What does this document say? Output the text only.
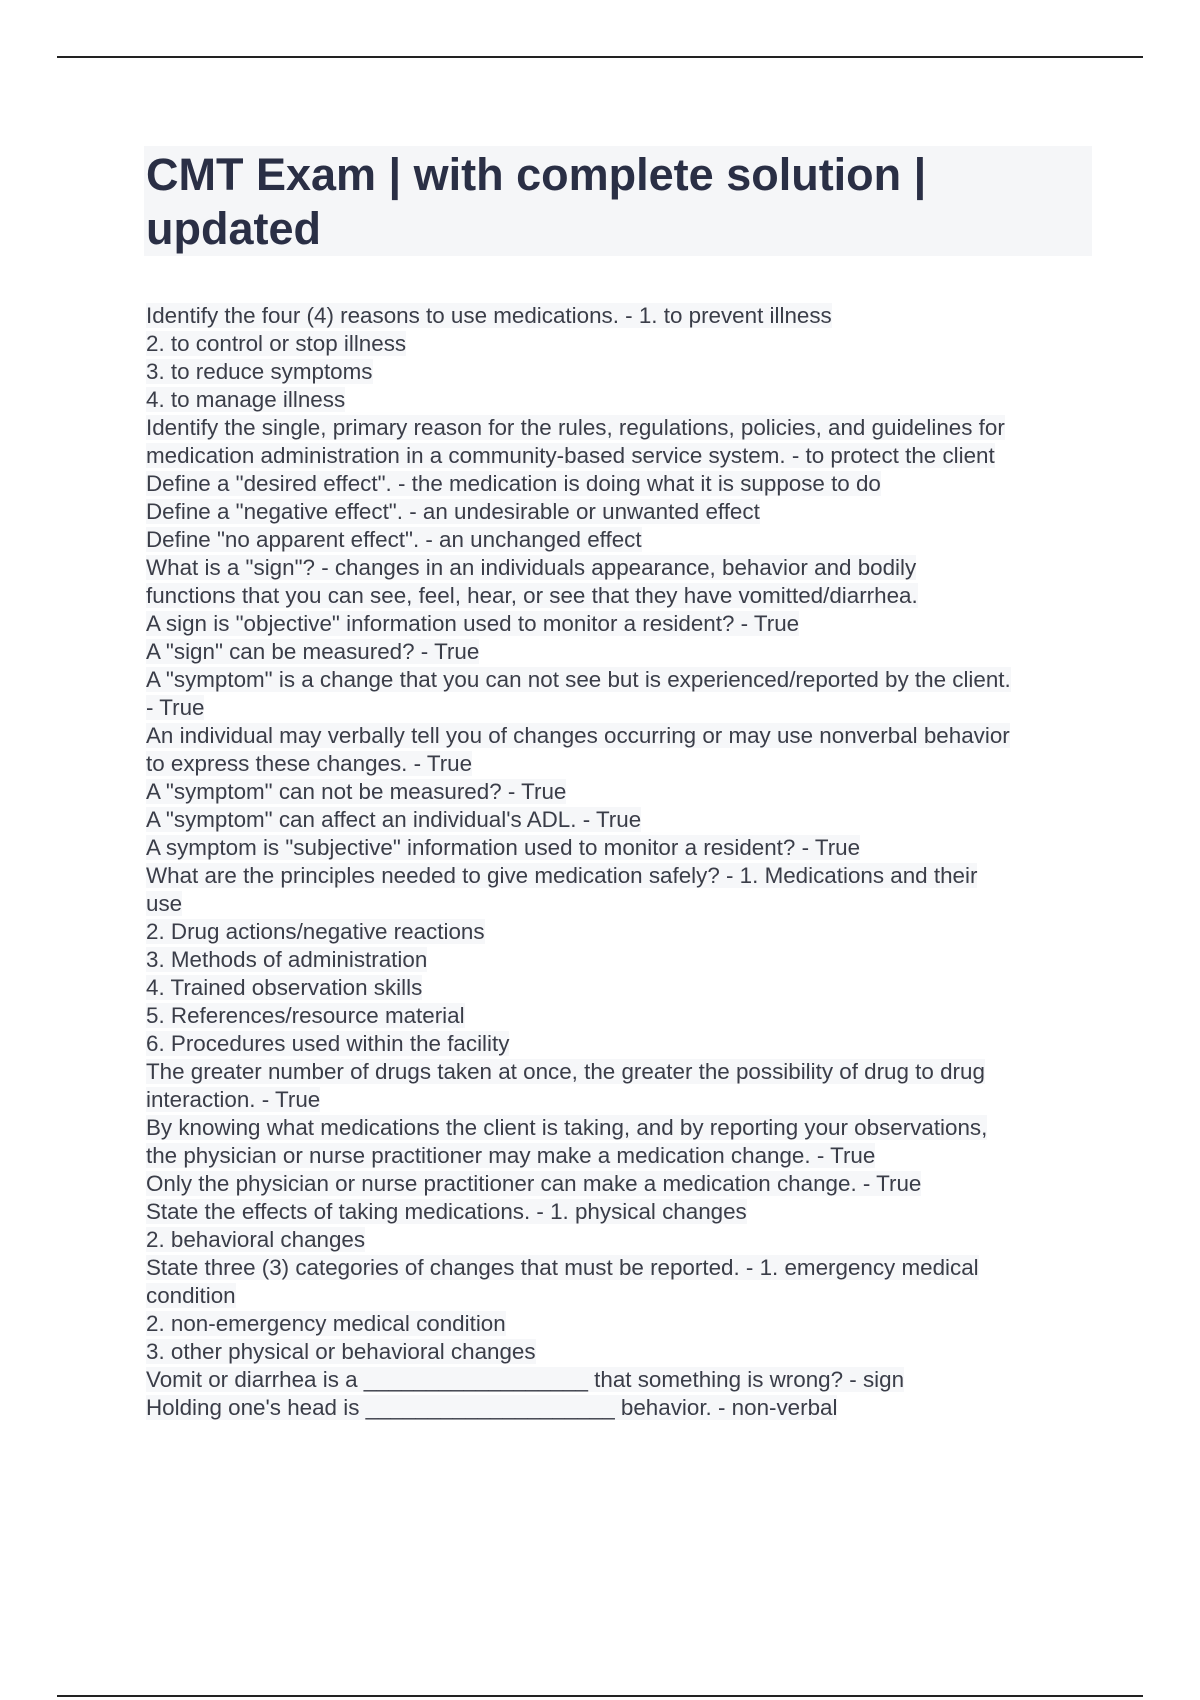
CMT Exam | with complete solution | updated
Identify the four (4) reasons to use medications. - 1. to prevent illness
2. to control or stop illness
3. to reduce symptoms
4. to manage illness
Identify the single, primary reason for the rules, regulations, policies, and guidelines for
medication administration in a community-based service system. - to protect the client
Define a "desired effect". - the medication is doing what it is suppose to do
Define a "negative effect". - an undesirable or unwanted effect
Define "no apparent effect". - an unchanged effect
What is a "sign"? - changes in an individuals appearance, behavior and bodily
functions that you can see, feel, hear, or see that they have vomitted/diarrhea.
A sign is "objective" information used to monitor a resident? - True
A "sign" can be measured? - True
A "symptom" is a change that you can not see but is experienced/reported by the client.
- True
An individual may verbally tell you of changes occurring or may use nonverbal behavior
to express these changes. - True
A "symptom" can not be measured? - True
A "symptom" can affect an individual's ADL. - True
A symptom is "subjective" information used to monitor a resident? - True
What are the principles needed to give medication safely? - 1. Medications and their
use
2. Drug actions/negative reactions
3. Methods of administration
4. Trained observation skills
5. References/resource material
6. Procedures used within the facility
The greater number of drugs taken at once, the greater the possibility of drug to drug
interaction. - True
By knowing what medications the client is taking, and by reporting your observations,
the physician or nurse practitioner may make a medication change. - True
Only the physician or nurse practitioner can make a medication change. - True
State the effects of taking medications. - 1. physical changes
2. behavioral changes
State three (3) categories of changes that must be reported. - 1. emergency medical
condition
2. non-emergency medical condition
3. other physical or behavioral changes
Vomit or diarrhea is a __________________ that something is wrong? - sign
Holding one's head is ____________________ behavior. - non-verbal
